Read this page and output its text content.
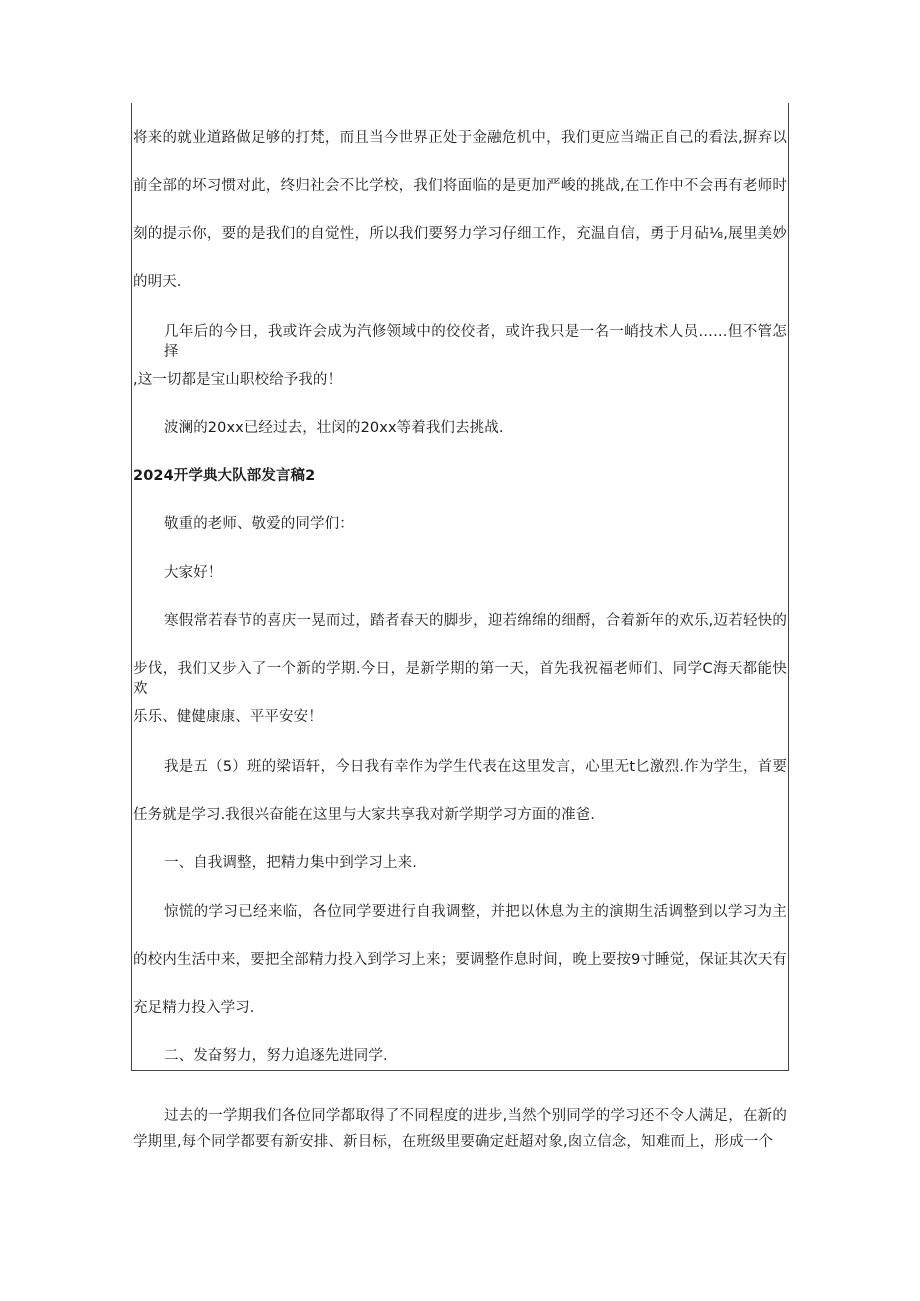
将来的就业道路做足够的打梵，而且当今世界正处于金融危机中，我们更应当端正自己的看法,摒弃以
前全部的坏习惯对此，终归社会不比学校，我们将面临的是更加严峻的挑战,在工作中不会再有老师时
刻的提示你，要的是我们的自觉性，所以我们要努力学习仔细工作，充温自信，勇于月砧⅛,展里美妙
的明天.
几年后的今日，我或许会成为汽修领域中的佼佼者，或许我只是一名一峭技术人员……但不管怎择
,这一切都是宝山职校给予我的！
波澜的20xx已经过去，壮闵的20xx等着我们去挑战.
2024开学典大队部发言稿2
敬重的老师、敬爱的同学们：
大家好！
寒假常若春节的喜庆一晃而过，踏者春天的脚步，迎若绵绵的细酹，合着新年的欢乐,迈若轻快的
步伐，我们又步入了一个新的学期.今日，是新学期的第一天，首先我祝福老师们、同学C海天都能快欢
乐乐、健健康康、平平安安！
我是五（5）班的梁语轩，今日我有幸作为学生代表在这里发言，心里无t匕激烈.作为学生，首要
任务就是学习.我很兴奋能在这里与大家共享我对新学期学习方面的准爸.
一、自我调整，把精力集中到学习上来.
惊慌的学习已经来临，各位同学要进行自我调整，并把以休息为主的演期生活调整到以学习为主
的校内生活中来，要把全部精力投入到学习上来；要调整作息时间，晚上要按9寸睡觉，保证其次天有
充足精力投入学习.
二、发奋努力，努力追逐先进同学.
过去的一学期我们各位同学都取得了不同程度的进步,当然个别同学的学习还不令人满足，在新的
学期里,每个同学都要有新安排、新目标，在班级里要确定赶超对象,囱立信念，知难而上，形成一个
